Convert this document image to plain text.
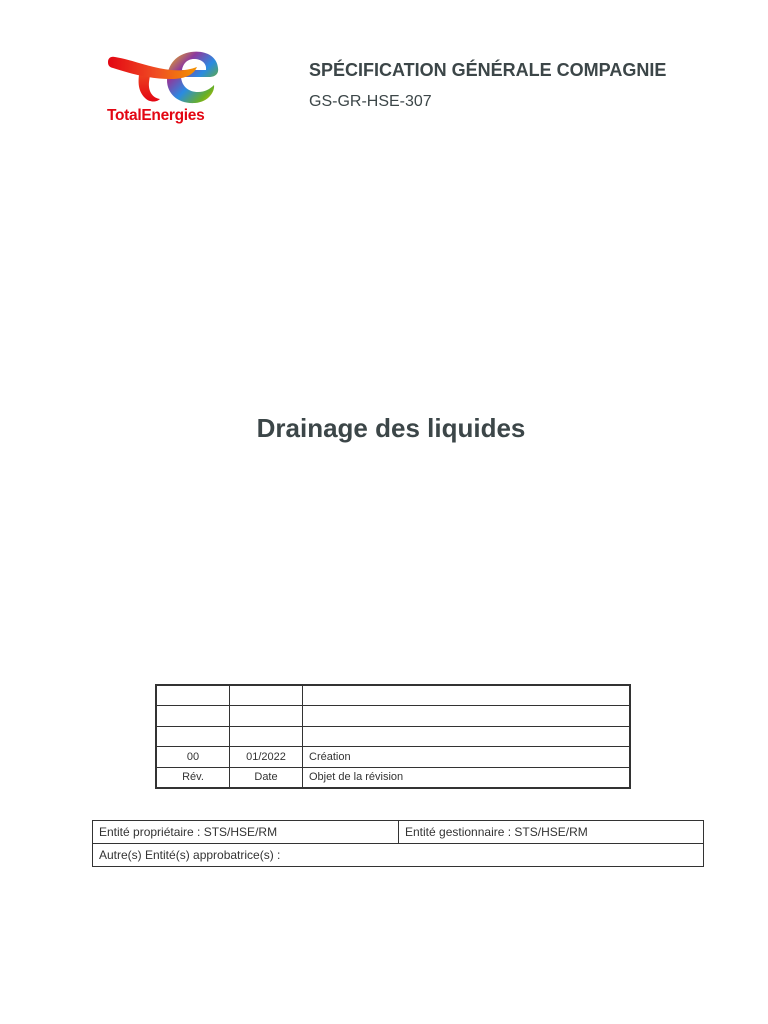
TotalEnergies
SPÉCIFICATION GÉNÉRALE COMPAGNIE
GS-GR-HSE-307
Drainage des liquides

00	01/2022	Création
Rév.	Date	Objet de la révision
Entité propriétaire : STS/HSE/RM	Entité gestionnaire : STS/HSE/RM
Autre(s) Entité(s) approbatrice(s) :
